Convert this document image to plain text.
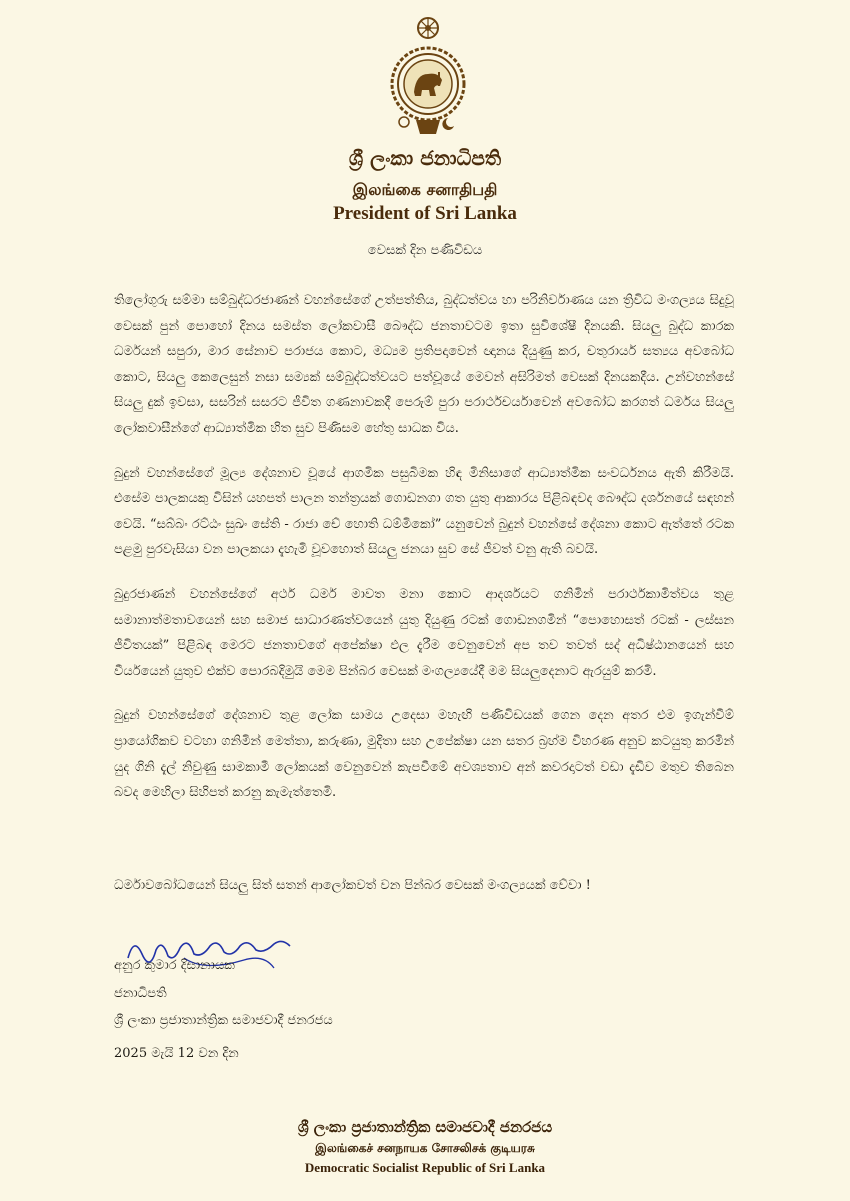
ශ්‍රී ලංකා ජනාධිපති
இலங்கை சனாதிபதி
President of Sri Lanka
වෙසක් දින පණිවිඩය

තිලෝගුරු සම්මා සම්බුද්ධරජාණන් වහන්සේගේ උත්පත්තිය, බුද්ධත්වය හා පරිනිර්වාණය යන ත්‍රිවිධ මංගල්‍යය සිදුවූ වෙසක් පුන් පොහෝ දිනය සමස්ත ලෝකවාසී බෞද්ධ ජනතාවටම ඉතා සුවිශේෂී දිනයකි. සියලු බුද්ධ කාරක ධර්මයන් සපුරා, මාර සේනාව පරාජය කොට, මධ්‍යම ප්‍රතිපදාවෙන් ඥානය දියුණු කර, චතුරාර්ය සත්‍යය අවබෝධ කොට, සියලු කෙලෙසුන් නසා සම්‍යක් සම්බුද්ධත්වයට පත්වූයේ මෙවන් අසිරිමත් වෙසක් දිනයකදීය. උන්වහන්සේ සියලු දුක් ඉවසා, සසරින් සසරට ජීවිත ගණනාවකදී පෙරුම් පුරා පරාර්ථචර්යාවෙන් අවබෝධ කරගත් ධර්මය සියලු ලෝකවාසීන්ගේ ආධ්‍යාත්මික හිත සුව පිණිසම හේතු සාධක විය.

බුදුන් වහන්සේගේ මූල්‍ය දේශනාව වූයේ ආගමික පසුබිමක හිඳ මිනිසාගේ ආධ්‍යාත්මික සංවර්ධනය ඇති කිරීමයි. එසේම පාලකයකු විසින් යහපත් පාලන තන්ත්‍රයක් ගොඩනගා ගත යුතු ආකාරය පිළිබඳවද බෞද්ධ දර්ශනයේ සඳහන් වෙයි. “සබ්බං රට්ඨං සුඛං සේති - රාජා චේ හොති ධම්මිකෝ” යනුවෙන් බුදුන් වහන්සේ දේශනා කොට ඇත්තේ රටක පළමු පුරවැසියා වන පාලකයා දැහැමි වූවහොත් සියලු ජනයා සුව සේ ජීවත් වනු ඇති බවයි.

බුදුරජාණන් වහන්සේගේ අර්ථ ධර්ම මාවත මනා කොට ආදර්ශයට ගනිමින් පරාර්ථකාමිත්වය තුළ සමානාත්මතාවයෙන් සහ සමාජ සාධාරණත්වයෙන් යුතු දියුණු රටක් ගොඩනගමින් “පොහොසත් රටක් - ලස්සන ජීවිතයක්” පිළිබඳ මෙරට ජනතාවගේ අපේක්ෂා ඵල දැරීම වෙනුවෙන් අප තව තවත් සද් අධිෂ්ඨානයෙන් සහ වීර්යයෙන් යුතුව එක්ව පොරබදිමුයි මෙම පින්බර වෙසක් මංගල්‍යයේදී මම සියලුදෙනාට ඇරයුම් කරමි.

බුදුන් වහන්සේගේ දේශනාව තුළ ලෝක සාමය උදෙසා මහැඟි පණිවිඩයක් ගෙන දෙන අතර එම ඉගැන්වීම් ප්‍රායෝගිකව වටහා ගනිමින් මෙත්තා, කරුණා, මුදිතා සහ උපේක්ෂා යන සතර බ්‍රහ්ම විහරණ අනුව කටයුතු කරමින් යුද ගිනි දැල් නිවුණු සාමකාමී ලෝකයක් වෙනුවෙන් කැපවීමේ අවශ්‍යතාව අන් කවරදාටත් වඩා දැඩිව මතුව තිබෙන බවද මෙහිලා සිහිපත් කරනු කැමැත්තෙමි.

ධර්මාවබෝධයෙන් සියලු සිත් සතන් ආලෝකවත් වන පින්බර වෙසක් මංගල්‍යයක් වේවා !
අනුර කුමාර දිසානායක
ජනාධිපති
ශ්‍රී ලංකා ප්‍රජාතාන්ත්‍රික සමාජවාදී ජනරජය
2025 මැයි 12 වන දින
ශ්‍රී ලංකා ප්‍රජාතාන්ත්‍රික සමාජවාදී ජනරජය
இலங்கைச் சனநாயக சோசலிசக் குடியரசு
Democratic Socialist Republic of Sri Lanka
